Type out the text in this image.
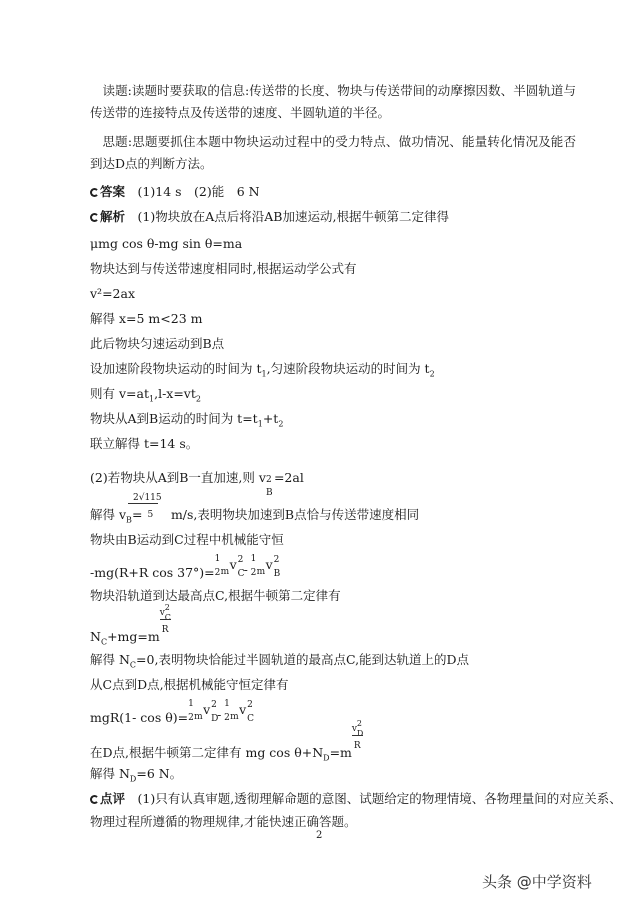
读题:读题时要获取的信息:传送带的长度、物块与传送带间的动摩擦因数、半圆轨道与传送带的连接特点及传送带的速度、半圆轨道的半径。

思题:思题要抓住本题中物块运动过程中的受力特点、做功情况、能量转化情况及能否到达D点的判断方法。

答案　 (1)14 s　(2)能　6 N
解析　 (1)物块放在A点后将沿AB加速运动,根据牛顿第二定律得
μmg cos θ-mg sin θ=ma
物块达到与传送带速度相同时,根据运动学公式有
v²=2ax
解得 x=5 m<23 m
此后物块匀速运动到B点
设加速阶段物块运动的时间为 $t_1$,匀速阶段物块运动的时间为 $t_2$
则有 $v=at_1,l-x=vt_2$
物块从A到B运动的时间为 $t=t_1+t_2$
联立解得 t=14 s。
(2)若物块从A到B一直加速,则 v 2
B
=2al
2√115
解得 $v_B= 5$　 m/s,表明物块加速到B点恰与传送带速度相同
物块由B运动到C过程中机械能守恒
-mg(R+R cos 37°)=
1
2 m v 2
C -
1
2 m v 2
B
物块沿轨道到达最高点C,根据牛顿第二定律有
$N_C+mg=m$
v
2
C
R
解得 $N_C=0$,表明物块恰能过半圆轨道的最高点C,能到达轨道上的D点
从C点到D点,根据机械能守恒定律有
mgR(1- cos θ)=
1
2 m v 2
D
-
1
2 m v 2
C
在D点,根据牛顿第二定律有 mg $\cos \theta+N_D=m$
v
2
D
R
解得 $N_D=6$ N。
点评　 (1)只有认真审题,透彻理解命题的意图、试题给定的物理情境、各物理量间的对应关系、
物理过程所遵循的物理规律,才能快速正确答题。
2
头条 @中学资料
